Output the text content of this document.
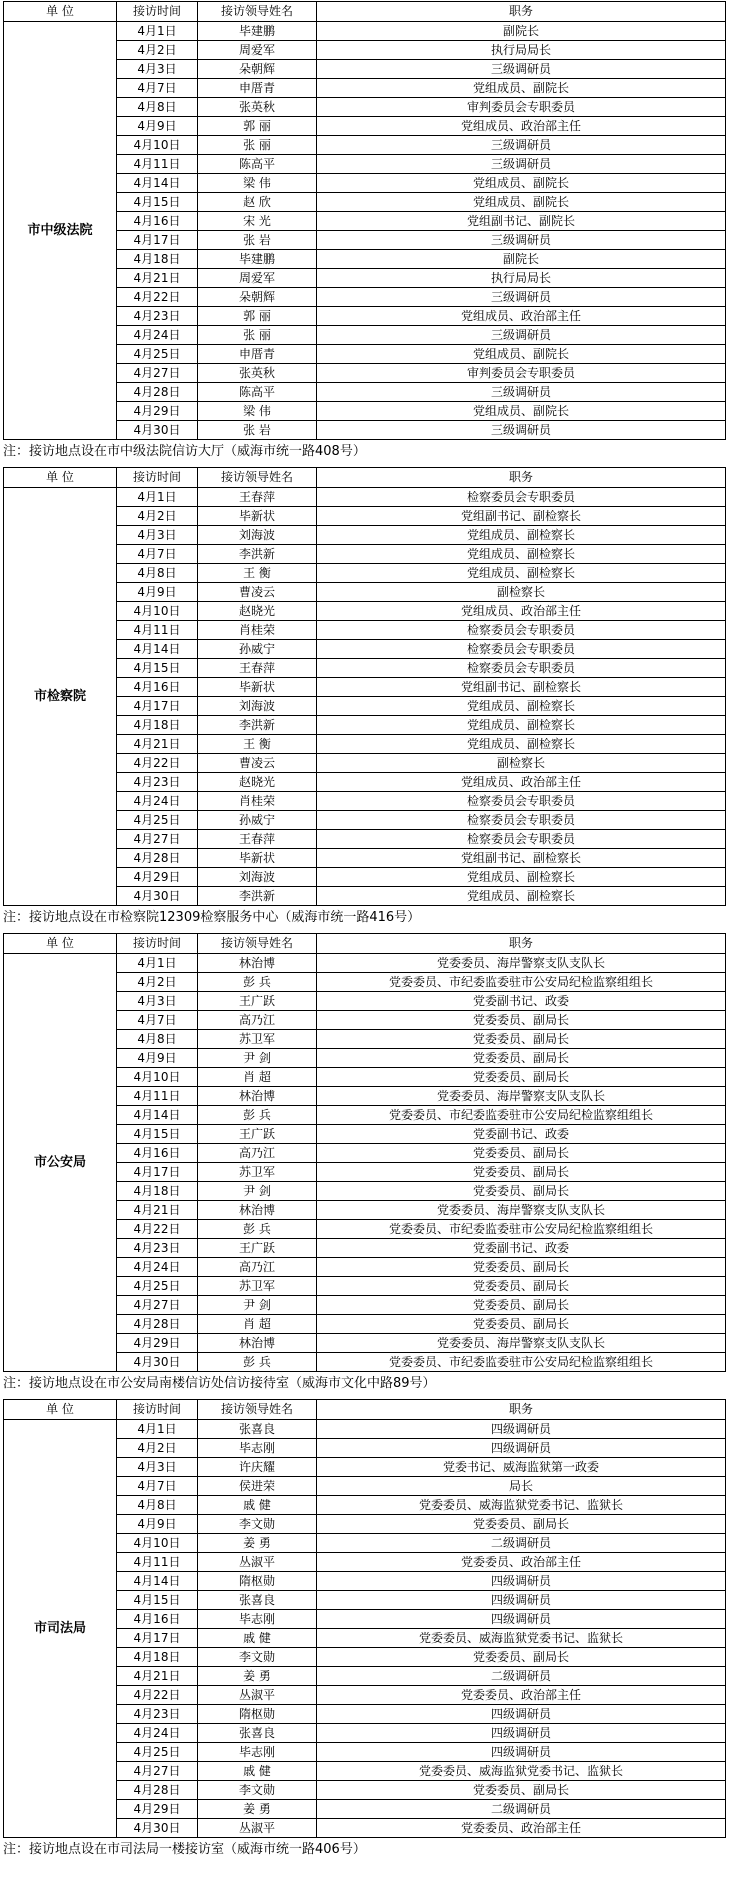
单 位	接访时间	接访领导姓名	职务
市中级法院	4月1日	毕建鹏	副院长
	4月2日	周爱军	执行局局长
	4月3日	朵朝辉	三级调研员
	4月7日	申厝青	党组成员、副院长
	4月8日	张英秋	审判委员会专职委员
	4月9日	郭 丽	党组成员、政治部主任
	4月10日	张 丽	三级调研员
	4月11日	陈高平	三级调研员
	4月14日	梁 伟	党组成员、副院长
	4月15日	赵 欣	党组成员、副院长
	4月16日	宋 光	党组副书记、副院长
	4月17日	张 岩	三级调研员
	4月18日	毕建鹏	副院长
	4月21日	周爱军	执行局局长
	4月22日	朵朝辉	三级调研员
	4月23日	郭 丽	党组成员、政治部主任
	4月24日	张 丽	三级调研员
	4月25日	申厝青	党组成员、副院长
	4月27日	张英秋	审判委员会专职委员
	4月28日	陈高平	三级调研员
	4月29日	梁 伟	党组成员、副院长
	4月30日	张 岩	三级调研员
注：接访地点设在市中级法院信访大厅（威海市统一路408号）
单 位	接访时间	接访领导姓名	职务
市检察院	4月1日	王春萍	检察委员会专职委员
	4月2日	毕新状	党组副书记、副检察长
	4月3日	刘海波	党组成员、副检察长
	4月7日	李洪新	党组成员、副检察长
	4月8日	王 衡	党组成员、副检察长
	4月9日	曹凌云	副检察长
	4月10日	赵晓光	党组成员、政治部主任
	4月11日	肖桂荣	检察委员会专职委员
	4月14日	孙威宁	检察委员会专职委员
	4月15日	王春萍	检察委员会专职委员
	4月16日	毕新状	党组副书记、副检察长
	4月17日	刘海波	党组成员、副检察长
	4月18日	李洪新	党组成员、副检察长
	4月21日	王 衡	党组成员、副检察长
	4月22日	曹凌云	副检察长
	4月23日	赵晓光	党组成员、政治部主任
	4月24日	肖桂荣	检察委员会专职委员
	4月25日	孙威宁	检察委员会专职委员
	4月27日	王春萍	检察委员会专职委员
	4月28日	毕新状	党组副书记、副检察长
	4月29日	刘海波	党组成员、副检察长
	4月30日	李洪新	党组成员、副检察长
注：接访地点设在市检察院12309检察服务中心（威海市统一路416号）
单 位	接访时间	接访领导姓名	职务
市公安局	4月1日	林治博	党委委员、海岸警察支队支队长
	4月2日	彭 兵	党委委员、市纪委监委驻市公安局纪检监察组组长
	4月3日	王广跃	党委副书记、政委
	4月7日	高乃江	党委委员、副局长
	4月8日	苏卫军	党委委员、副局长
	4月9日	尹 剑	党委委员、副局长
	4月10日	肖 超	党委委员、副局长
	4月11日	林治博	党委委员、海岸警察支队支队长
	4月14日	彭 兵	党委委员、市纪委监委驻市公安局纪检监察组组长
	4月15日	王广跃	党委副书记、政委
	4月16日	高乃江	党委委员、副局长
	4月17日	苏卫军	党委委员、副局长
	4月18日	尹 剑	党委委员、副局长
	4月21日	林治博	党委委员、海岸警察支队支队长
	4月22日	彭 兵	党委委员、市纪委监委驻市公安局纪检监察组组长
	4月23日	王广跃	党委副书记、政委
	4月24日	高乃江	党委委员、副局长
	4月25日	苏卫军	党委委员、副局长
	4月27日	尹 剑	党委委员、副局长
	4月28日	肖 超	党委委员、副局长
	4月29日	林治博	党委委员、海岸警察支队支队长
	4月30日	彭 兵	党委委员、市纪委监委驻市公安局纪检监察组组长
注：接访地点设在市公安局南楼信访处信访接待室（威海市文化中路89号）
单 位	接访时间	接访领导姓名	职务
市司法局	4月1日	张喜良	四级调研员
	4月2日	毕志刚	四级调研员
	4月3日	许庆耀	党委书记、威海监狱第一政委
	4月7日	侯进荣	局长
	4月8日	戚 健	党委委员、威海监狱党委书记、监狱长
	4月9日	李文勋	党委委员、副局长
	4月10日	姜 勇	二级调研员
	4月11日	丛淑平	党委委员、政治部主任
	4月14日	隋枢勋	四级调研员
	4月15日	张喜良	四级调研员
	4月16日	毕志刚	四级调研员
	4月17日	戚 健	党委委员、威海监狱党委书记、监狱长
	4月18日	李文勋	党委委员、副局长
	4月21日	姜 勇	二级调研员
	4月22日	丛淑平	党委委员、政治部主任
	4月23日	隋枢勋	四级调研员
	4月24日	张喜良	四级调研员
	4月25日	毕志刚	四级调研员
	4月27日	戚 健	党委委员、威海监狱党委书记、监狱长
	4月28日	李文勋	党委委员、副局长
	4月29日	姜 勇	二级调研员
	4月30日	丛淑平	党委委员、政治部主任
注：接访地点设在市司法局一楼接访室（威海市统一路406号）
